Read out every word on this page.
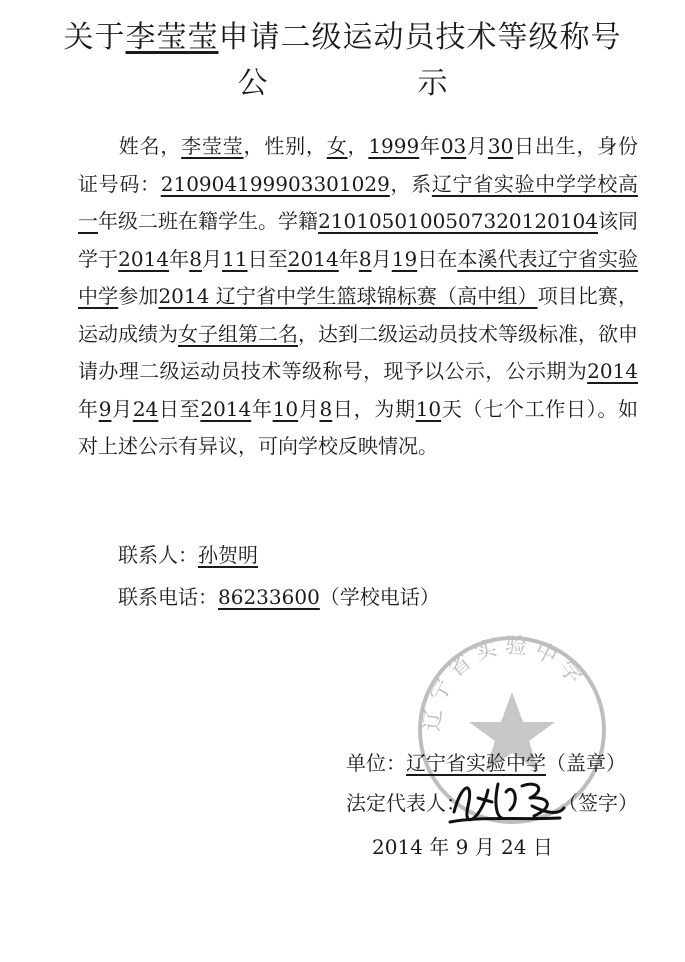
关于李莹莹申请二级运动员技术等级称号
公	示
姓名，李莹莹，性别，女，1999年03月30日出生，身份证号码：210904199903301029，系辽宁省实验中学学校高一年级二班在籍学生。学籍2101050100507320120104该同学于2014年8月11日至2014年8月19日在本溪代表辽宁省实验中学参加2014 辽宁省中学生篮球锦标赛（高中组）项目比赛，运动成绩为女子组第二名，达到二级运动员技术等级标准，欲申请办理二级运动员技术等级称号，现予以公示，公示期为2014年9月24日至2014年10月8日，为期10天（七个工作日）。如对上述公示有异议，可向学校反映情况。
联系人：孙贺明
联系电话：86233600（学校电话）
辽宁省实验中学
单位：辽宁省实验中学（盖章）
法定代表人：	（签字）
2014 年 9 月 24 日
